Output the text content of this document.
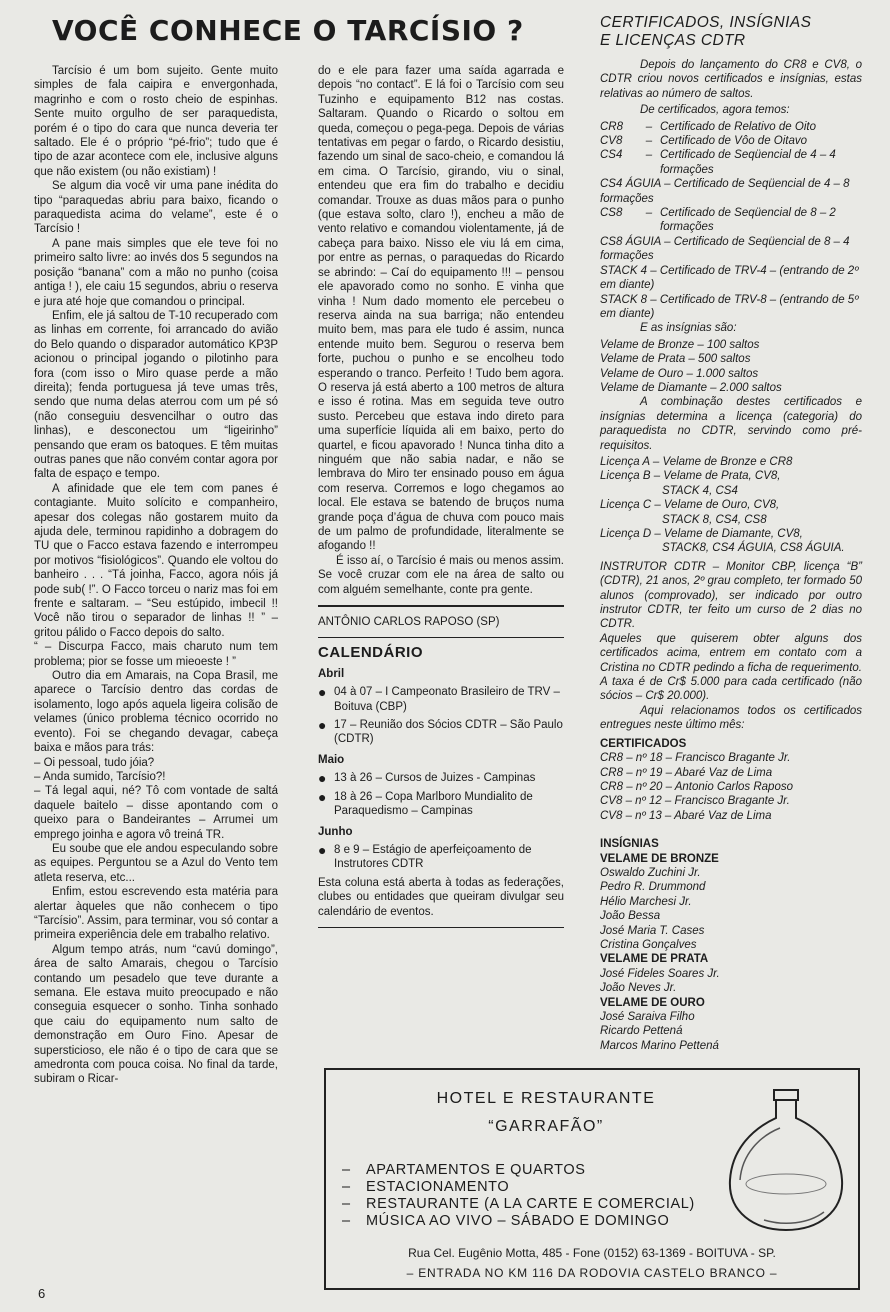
VOCÊ CONHECE O TARCÍSIO ?

Tarcísio é um bom sujeito. Gente muito simples de fala caipira e envergonhada, magrinho e com o rosto cheio de espinhas. Sente muito orgulho de ser paraquedista, porém é o tipo do cara que nunca deveria ter saltado. Ele é o próprio “pé-frio”; tudo que é tipo de azar acontece com ele, inclusive alguns que não existem (ou não existiam) !

Se algum dia você vir uma pane inédita do tipo “paraquedas abriu para baixo, ficando o paraquedista acima do velame”, este é o Tarcísio !

A pane mais simples que ele teve foi no primeiro salto livre: ao invés dos 5 segundos na posição “banana” com a mão no punho (coisa antiga ! ), ele caiu 15 segundos, abriu o reserva e jura até hoje que comandou o principal.

Enfim, ele já saltou de T-10 recuperado com as linhas em corrente, foi arrancado do avião do Belo quando o disparador automático KP3P acionou o principal jogando o pilotinho para fora (com isso o Miro quase perde a mão direita); fenda portuguesa já teve umas três, sendo que numa delas aterrou com um pé só (não conseguiu desvencilhar o outro das linhas), e desconectou um “ligeirinho” pensando que eram os batoques. E têm muitas outras panes que não convém contar agora por falta de espaço e tempo.

A afinidade que ele tem com panes é contagiante. Muito solícito e companheiro, apesar dos colegas não gostarem muito da ajuda dele, terminou rapidinho a dobragem do TU que o Facco estava fazendo e interrompeu por motivos “fisiológicos”. Quando ele voltou do banheiro . . . “Tá joinha, Facco, agora nóis já pode sub( !”. O Facco torceu o nariz mas foi em frente e saltaram. – “Seu estúpido, imbecil !! Você não tirou o separador de linhas !! ” – gritou pálido o Facco depois do salto.

“ – Discurpa Facco, mais charuto num tem problema; pior se fosse um mieoeste ! ”

Outro dia em Amarais, na Copa Brasil, me aparece o Tarcísio dentro das cordas de isolamento, logo após aquela ligeira colisão de velames (único problema técnico ocorrido no evento). Foi se chegando devagar, cabeça baixa e mãos para trás:

– Oi pessoal, tudo jóia?

– Anda sumido, Tarcísio?!

– Tá legal aqui, né? Tô com vontade de saltá daquele baitelo – disse apontando com o queixo para o Bandeirantes – Arrumei um emprego joinha e agora vô treiná TR.

Eu soube que ele andou especulando sobre as equipes. Perguntou se a Azul do Vento tem atleta reserva, etc...

Enfim, estou escrevendo esta matéria para alertar àqueles que não conhecem o tipo “Tarcísio”. Assim, para terminar, vou só contar a primeira experiência dele em trabalho relativo.

Algum tempo atrás, num “cavú domingo”, área de salto Amarais, chegou o Tarcísio contando um pesadelo que teve durante a semana. Ele estava muito preocupado e não conseguia esquecer o sonho. Tinha sonhado que caiu do equipamento num salto de demonstração em Ouro Fino. Apesar de supersticioso, ele não é o tipo de cara que se amedronta com pouca coisa. No final da tarde, subiram o Ricar-

do e ele para fazer uma saída agarrada e depois “no contact”. E lá foi o Tarcísio com seu Tuzinho e equipamento B12 nas costas. Saltaram. Quando o Ricardo o soltou em queda, começou o pega-pega. Depois de várias tentativas em pegar o fardo, o Ricardo desistiu, fazendo um sinal de saco-cheio, e comandou lá em cima. O Tarcísio, girando, viu o sinal, entendeu que era fim do trabalho e decidiu comandar. Trouxe as duas mãos para o punho (que estava solto, claro !), encheu a mão de vento relativo e comandou violentamente, já de cabeça para baixo. Nisso ele viu lá em cima, por entre as pernas, o paraquedas do Ricardo se abrindo: – Caí do equipamento !!! – pensou ele apavorado como no sonho. E vinha que vinha ! Num dado momento ele percebeu o reserva ainda na sua barriga; não entendeu muito bem, mas para ele tudo é assim, nunca entende muito bem. Segurou o reserva bem forte, puchou o punho e se encolheu todo esperando o tranco. Perfeito ! Tudo bem agora. O reserva já está aberto a 100 metros de altura e isso é rotina. Mas em seguida teve outro susto. Percebeu que estava indo direto para uma superfície líquida ali em baixo, perto do quartel, e ficou apavorado ! Nunca tinha dito a ninguém que não sabia nadar, e não se lembrava do Miro ter ensinado pouso em água com reserva. Corremos e logo chegamos ao local. Ele estava se batendo de bruços numa grande poça d’água de chuva com pouco mais de um palmo de profundidade, literalmente se afogando !!

É isso aí, o Tarcísio é mais ou menos assim. Se você cruzar com ele na área de salto ou com alguém semelhante, conte pra gente.

ANTÔNIO CARLOS RAPOSO (SP)
CALENDÁRIO
Abril
● 04 à 07 – I Campeonato Brasileiro de TRV – Boituva (CBP)
● 17 – Reunião dos Sócios CDTR – São Paulo (CDTR)
Maio
● 13 à 26 – Cursos de Juizes - Campinas
● 18 à 26 – Copa Marlboro Mundialito de Paraquedismo – Campinas
Junho
● 8 e 9 – Estágio de aperfeiçoamento de Instrutores CDTR

Esta coluna está aberta à todas as federações, clubes ou entidades que queiram divulgar seu calendário de eventos.

CERTIFICADOS, INSÍGNIAS
E LICENÇAS CDTR

Depois do lançamento do CR8 e CV8, o CDTR criou novos certificados e insígnias, estas relativas ao número de saltos.

De certificados, agora temos:

CR8	– Certificado de Relativo de Oito
CV8	– Certificado de Vôo de Oitavo
CS4	– Certificado de Seqüencial de 4 – 4 formações
CS4 ÁGUIA – Certificado de Seqüencial de 4 – 8 formações
CS8	– Certificado de Seqüencial de 8 – 2 formações
CS8 ÁGUIA – Certificado de Seqüencial de 8 – 4 formações
STACK 4 – Certificado de TRV-4 – (entrando de 2º em diante)
STACK 8 – Certificado de TRV-8 – (entrando de 5º em diante)

E as insígnias são:

Velame de Bronze – 100 saltos
Velame de Prata – 500 saltos
Velame de Ouro – 1.000 saltos
Velame de Diamante – 2.000 saltos

A combinação destes certificados e insígnias determina a licença (categoria) do paraquedista no CDTR, servindo como pré-requisitos.

Licença A – Velame de Bronze e CR8
Licença B – Velame de Prata, CV8,
STACK 4, CS4
Licença C – Velame de Ouro, CV8,
STACK 8, CS4, CS8
Licença D – Velame de Diamante, CV8,
STACK8, CS4 ÁGUIA, CS8 ÁGUIA.

INSTRUTOR CDTR – Monitor CBP, licença “B” (CDTR), 21 anos, 2º grau completo, ter formado 50 alunos (comprovado), ser indicado por outro instrutor CDTR, ter feito um curso de 2 dias no CDTR.

Aqueles que quiserem obter alguns dos certificados acima, entrem em contato com a Cristina no CDTR pedindo a ficha de requerimento. A taxa é de Cr$ 5.000 para cada certificado (não sócios – Cr$ 20.000).

Aqui relacionamos todos os certificados entregues neste último mês:

CERTIFICADOS
CR8 – nº 18 – Francisco Bragante Jr.
CR8 – nº 19 – Abaré Vaz de Lima
CR8 – nº 20 – Antonio Carlos Raposo
CV8 – nº 12 – Francisco Bragante Jr.
CV8 – nº 13 – Abaré Vaz de Lima
INSÍGNIAS
VELAME DE BRONZE
Oswaldo Zuchini Jr.
Pedro R. Drummond
Hélio Marchesi Jr.
João Bessa
José Maria T. Cases
Cristina Gonçalves
VELAME DE PRATA
José Fideles Soares Jr.
João Neves Jr.
VELAME DE OURO
José Saraiva Filho
Ricardo Pettená
Marcos Marino Pettená
HOTEL E RESTAURANTE
“GARRAFÃO”
–	APARTAMENTOS E QUARTOS
–	ESTACIONAMENTO
–	RESTAURANTE (A LA CARTE E COMERCIAL)
–	MÚSICA AO VIVO – SÁBADO E DOMINGO
Rua Cel. Eugênio Motta, 485 - Fone (0152) 63-1369 - BOITUVA - SP.
– ENTRADA NO KM 116 DA RODOVIA CASTELO BRANCO –
6
